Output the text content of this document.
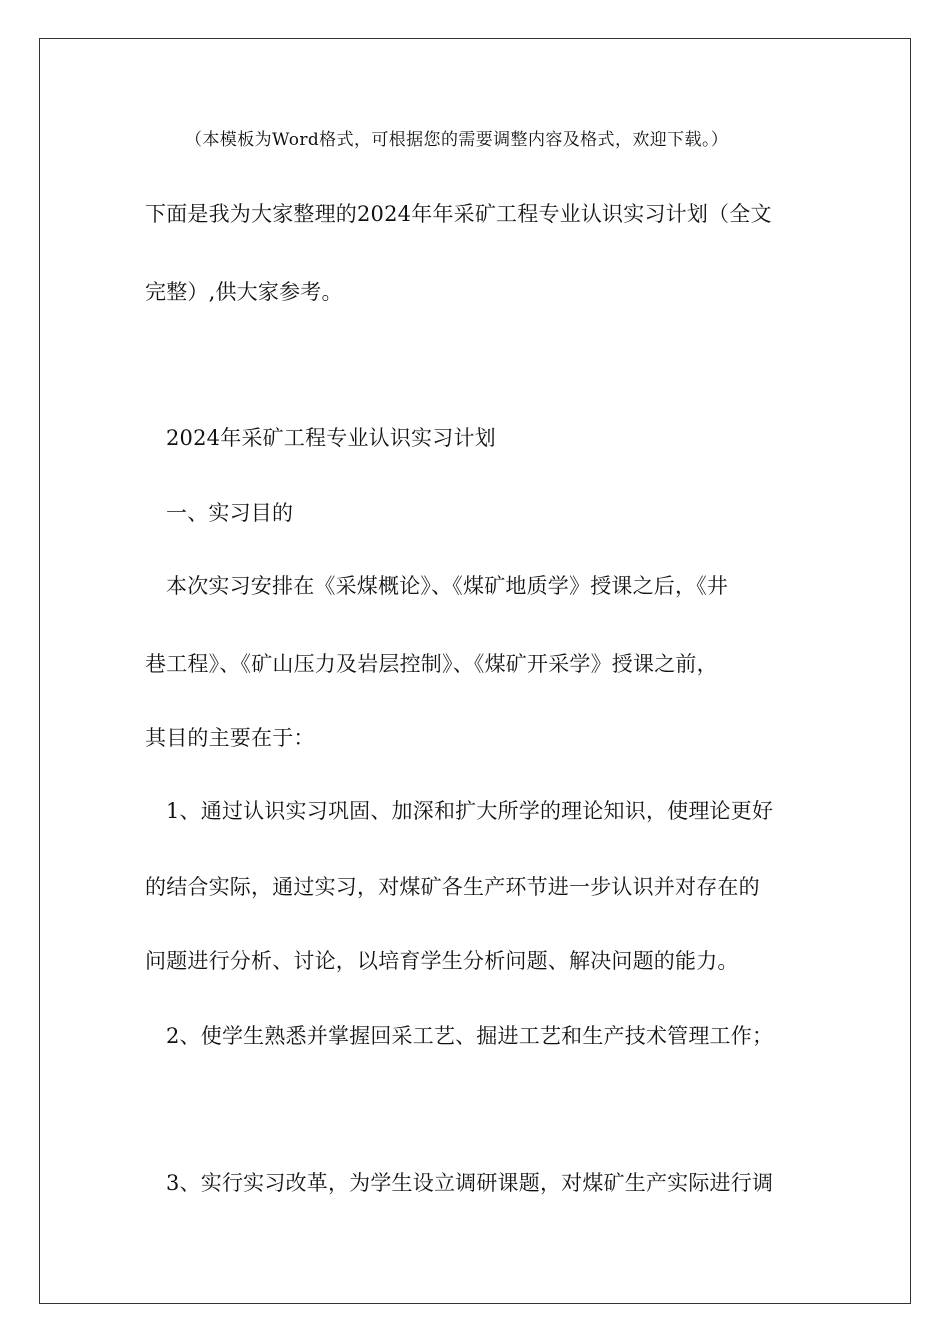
（本模板为Word格式，可根据您的需要调整内容及格式，欢迎下载。）
下面是我为大家整理的2024年年采矿工程专业认识实习计划（全文
完整）,供大家参考。
2024年采矿工程专业认识实习计划
一、实习目的
本次实习安排在《采煤概论》、《煤矿地质学》授课之后，《井
巷工程》、《矿山压力及岩层控制》、《煤矿开采学》授课之前，
其目的主要在于：
1、通过认识实习巩固、加深和扩大所学的理论知识，使理论更好
的结合实际，通过实习，对煤矿各生产环节进一步认识并对存在的
问题进行分析、讨论，以培育学生分析问题、解决问题的能力。
2、使学生熟悉并掌握回采工艺、掘进工艺和生产技术管理工作；
3、实行实习改革，为学生设立调研课题，对煤矿生产实际进行调
